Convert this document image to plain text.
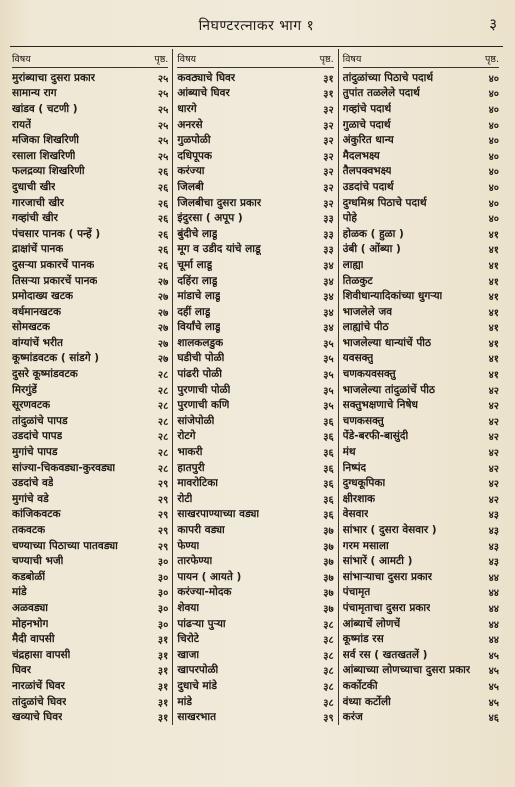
निघण्टरत्नाकर भाग १	३
विषय	पृष्ठ.
मुरांब्याचा दुसरा प्रकार	२५
सामान्य राग	२५
खांडव ( चटणी )	२५
रायतें	२५
मजिका शिखरिणी	२५
रसाला शिखरिणी	२५
फलद्रव्या शिखरिणी	२६
दुधाची खीर	२६
गारजाची खीर	२६
गव्हांची खीर	२६
पंचसार पानक ( पन्हें )	२६
द्राक्षांचें पानक	२६
दुसऱ्या प्रकारचें पानक	२६
तिसऱ्या प्रकारचें पानक	२७
प्रमोदाख्य खटक	२७
वर्धमानखटक	२७
सोमखटक	२७
वांग्यांचें भरीत	२७
कूष्मांडवटक ( सांडगे )	२७
दुसरे कूष्मांडवटक	२८
मिरगुंडें	२८
सूरणवटक	२८
तांदुळांचे पापड	२८
उडदांचे पापड	२८
मुगांचे पापड	२८
सांज्या-चिकवड्या-कुरवड्या	२८
उडदांचे वडे	२९
मुगांचे वडे	२९
कांजिकवटक	२९
तकवटक	२९
चण्याच्या पिठाच्या पातवड्या	२९
चण्याची भजी	३०
कडबोळीं	३०
मांडे	३०
अळवड्या	३०
मोहनभोग	३०
मैदी वापसी	३१
चंद्रहासा वापसी	३१
घिवर	३१
नारळांचें घिवर	३१
तांदुळांचे घिवर	३१
खव्याचे घिवर	३१
विषय	पृष्ठ.
कवठ्याचे घिवर	३१
आंब्याचे घिवर	३१
धारगे	३२
अनरसे	३२
गुळपोळी	३२
दधिपूपक	३२
करंज्या	३२
जिलबी	३२
जिलबीचा दुसरा प्रकार	३२
इंदुरसा ( अपूप )	३३
बुंदीचे लाडू	३३
मूग व उडीद यांचे लाडू	३३
चूर्मा लाडू	३४
दहिंरा लाडू	३४
मांडाचे लाडू	३४
दहीं लाडू	३४
विर्यांचे लाडू	३४
शालकलडुक	३५
घडीची पोळी	३५
पांढरी पोळी	३५
पुरणाची पोळी	३५
पुरणाची कणि	३५
सांजेपोळी	३६
रोटगे	३६
भाकरी	३६
हातपुरी	३६
मावरोटिका	३६
रोटी	३६
साखरपाण्याच्या वड्या	३६
कापरी वड्या	३७
फेण्या	३७
तारफेण्या	३७
पायन ( आयते )	३७
करंज्या-मोदक	३७
शेवया	३७
पांढऱ्या पुऱ्या	३८
चिरोटे	३८
खाजा	३८
खापरपोळी	३८
दुधाचे मांडे	३८
मांडे	३८
साखरभात	३९
विषय	पृष्ठ.
तांदुळांच्या पिठाचे पदार्थ	४०
तुपांत तळलेले पदार्थ	४०
गव्हांचे पदार्थ	४०
गुळाचे पदार्थ	४०
अंकुरित धान्य	४०
मैदलभक्ष्य	४०
तैलपक्वभक्ष्य	४०
उडदांचे पदार्थ	४०
दुग्धमिश्र पिठाचे पदार्थ	४०
पोहे	४०
होळक ( हुळा )	४१
उंबी ( ओंब्या )	४१
लाह्या	४१
तिळकुट	४१
शिवीधान्यादिकांच्या धुगऱ्या	४१
भाजलेले जव	४१
लाह्यांचे पीठ	४१
भाजलेल्या धान्यांचें पीठ	४१
यवसक्तु	४१
चणकयवसक्तु	४१
भाजलेल्या तांदुळांचें पीठ	४२
सक्तुभक्षणाचे निषेध	४२
चणकसक्तु	४२
पेंडे-बरफी-बासुंदी	४२
मंथ	४२
निष्पंद	४२
दुग्धकूपिका	४२
क्षीरशाक	४२
वेसवार	४३
सांभार ( दुसरा वेसवार )	४३
गरम मसाला	४३
सांभारें ( आमटी )	४३
सांभाऱ्याचा दुसरा प्रकार	४४
पंचामृत	४४
पंचामृताचा दुसरा प्रकार	४४
आंब्याचें लोणचें	४४
कूष्मांड रस	४४
सर्व रस ( खतखतलें )	४५
आंब्याच्या लोणच्याचा दुसरा प्रकार ४५
कर्कोटकी	४५
वंध्या कर्टोली	४५
करंज	४६
